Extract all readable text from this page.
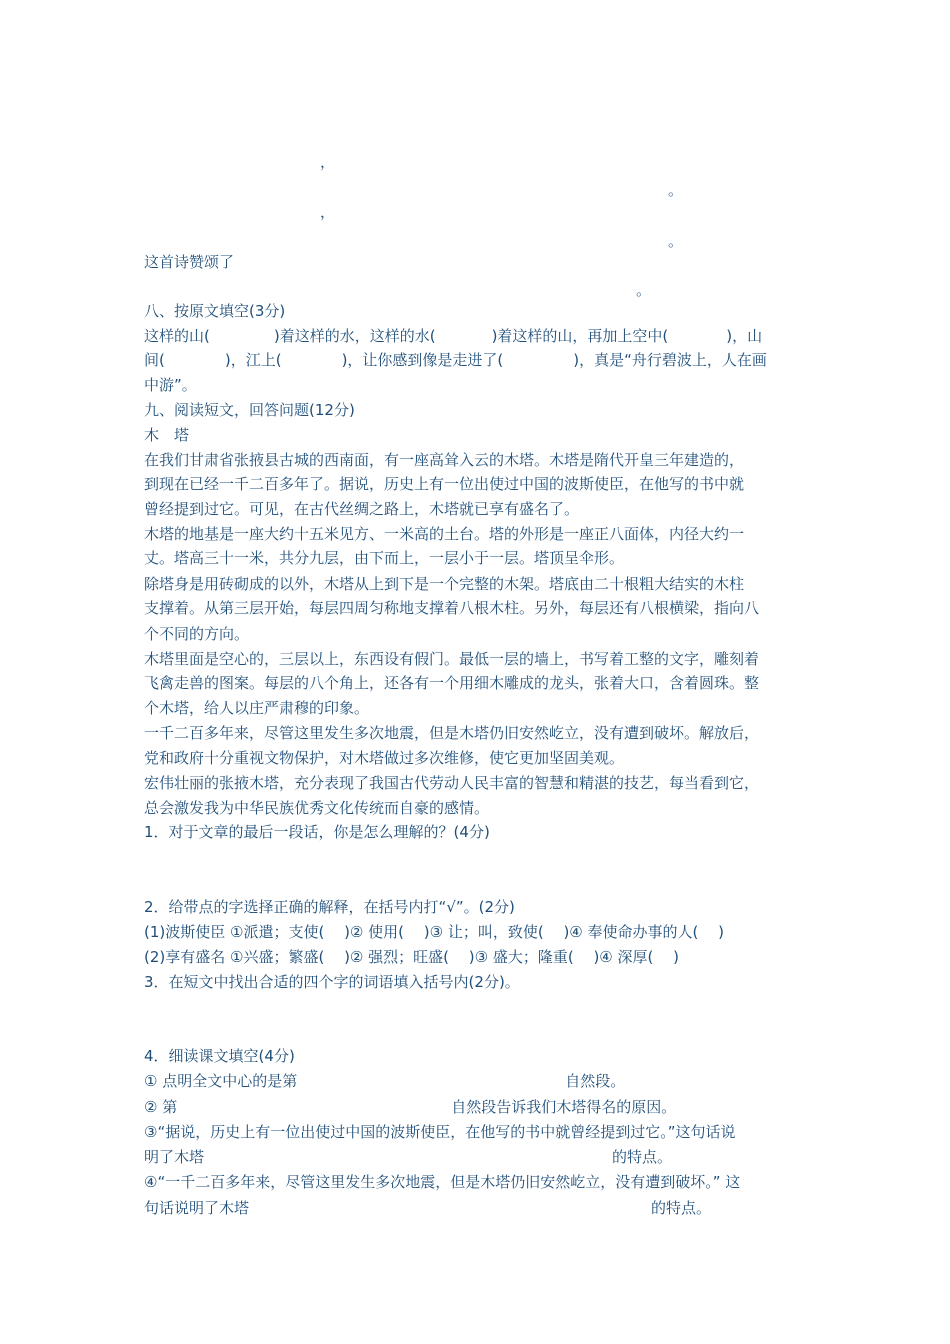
，
。
，
。
这首诗赞颂了
。
八、按原文填空(3分)
这样的山(	)着这样的水，这样的水(	)着这样的山，再加上空中(	)，山
间(	)，江上(	)，让你感到像是走进了(	)，真是“舟行碧波上，人在画
中游”。
九、阅读短文，回答问题(12分)
木　塔
在我们甘肃省张掖县古城的西南面，有一座高耸入云的木塔。木塔是隋代开皇三年建造的，
到现在已经一千二百多年了。据说，历史上有一位出使过中国的波斯使臣，在他写的书中就
曾经提到过它。可见，在古代丝绸之路上，木塔就已享有盛名了。
木塔的地基是一座大约十五米见方、一米高的土台。塔的外形是一座正八面体，内径大约一
丈。塔高三十一米，共分九层，由下而上，一层小于一层。塔顶呈伞形。
除塔身是用砖砌成的以外，木塔从上到下是一个完整的木架。塔底由二十根粗大结实的木柱
支撑着。从第三层开始，每层四周匀称地支撑着八根木柱。另外，每层还有八根横梁，指向八
个不同的方向。
木塔里面是空心的，三层以上，东西设有假门。最低一层的墙上，书写着工整的文字，雕刻着
飞禽走兽的图案。每层的八个角上，还各有一个用细木雕成的龙头，张着大口，含着圆珠。整
个木塔，给人以庄严肃穆的印象。
一千二百多年来，尽管这里发生多次地震，但是木塔仍旧安然屹立，没有遭到破坏。解放后，
党和政府十分重视文物保护，对木塔做过多次维修，使它更加坚固美观。
宏伟壮丽的张掖木塔，充分表现了我国古代劳动人民丰富的智慧和精湛的技艺，每当看到它，
总会激发我为中华民族优秀文化传统而自豪的感情。
1．对于文章的最后一段话，你是怎么理解的？(4分)
2．给带点的字选择正确的解释，在括号内打“√”。(2分)
(1)波斯使臣 ①派遣；支使(　 )② 使用(　 )③ 让；叫，致使(　 )④ 奉使命办事的人(　 )
(2)享有盛名 ①兴盛；繁盛(　 )② 强烈；旺盛(　 )③ 盛大；隆重(　 )④ 深厚(　 )
3．在短文中找出合适的四个字的词语填入括号内(2分)。
4．细读课文填空(4分)
① 点明全文中心的是第	自然段。
② 第	自然段告诉我们木塔得名的原因。
③“据说，历史上有一位出使过中国的波斯使臣，在他写的书中就曾经提到过它。”这句话说
明了木塔	的特点。
④“一千二百多年来，尽管这里发生多次地震，但是木塔仍旧安然屹立，没有遭到破坏。” 这
句话说明了木塔	的特点。
